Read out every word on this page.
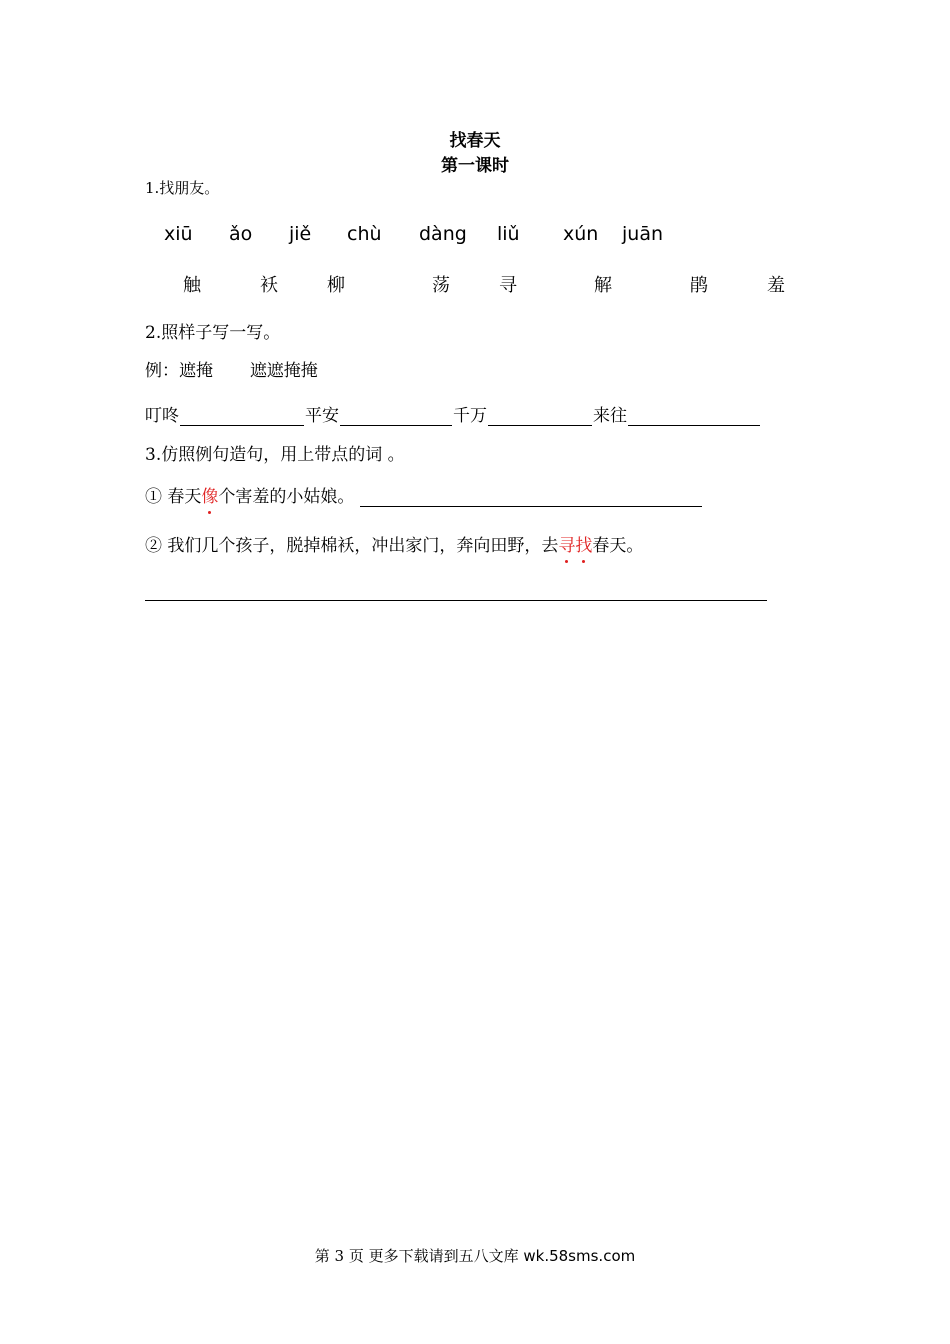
找春天
第一课时
1.找朋友。
xiū ǎo jiě chù dàng liǔ xún juān
触	袄	柳	荡	寻	解	鹃	羞
2.照样子写一写。
例：遮掩 遮遮掩掩
叮咚	平安	千万	来往
3.仿照例句造句，用上带点的词 。
① 春天 像 个害羞的小姑娘。
② 我们几个孩子，脱掉棉袄，冲出家门，奔向田野，去寻找春天。
第 3 页 更多下载请到五八文库 wk.58sms.com
